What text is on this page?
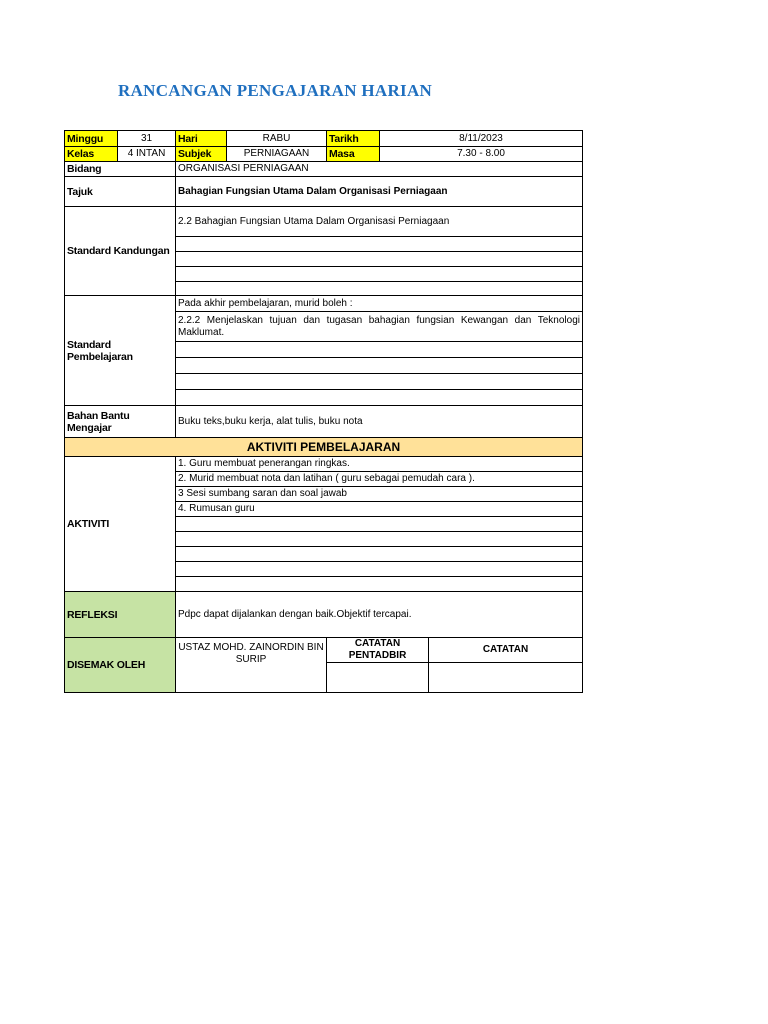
RANCANGAN PENGAJARAN HARIAN
Minggu	31	Hari	RABU	Tarikh	8/11/2023	
Kelas	4 INTAN	Subjek	PERNIAGAAN	Masa	7.30 - 8.00	
Bidang		ORGANISASI PERNIAGAAN				
Tajuk		Bahagian Fungsian Utama Dalam Organisasi Perniagaan				
Standard Kandungan		2.2 Bahagian Fungsian Utama Dalam Organisasi Perniagaan				

Standard Pembelajaran		Pada akhir pembelajaran, murid boleh :				
		2.2.2 Menjelaskan tujuan dan tugasan bahagian fungsian Kewangan dan Teknologi Maklumat.				

Bahan Bantu Mengajar		Buku teks,buku kerja, alat tulis, buku nota				
AKTIVITI PEMBELAJARAN						
AKTIVITI		1. Guru membuat penerangan ringkas.				
		2. Murid membuat nota dan latihan ( guru sebagai pemudah cara ).				
		3 Sesi sumbang saran dan soal jawab				
		4. Rumusan guru				

REFLEKSI		Pdpc dapat dijalankan dengan baik.Objektif tercapai.				
DISEMAK OLEH		USTAZ MOHD. ZAINORDIN BIN SURIP		CATATAN PENTADBIR		CATATAN
